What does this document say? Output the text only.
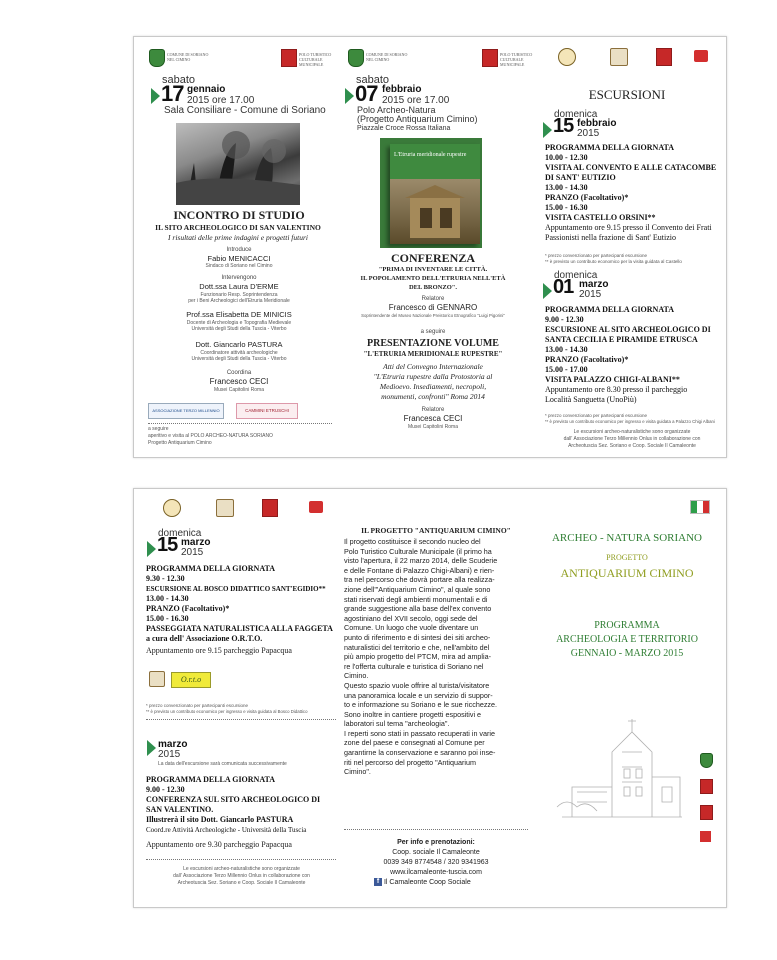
COMUNE DI SORIANO NEL CIMINO
POLO TURISTICO CULTURALE MUNICIPALE
COMUNE DI SORIANO NEL CIMINO
POLO TURISTICO CULTURALE MUNICIPALE
sabato
17 gennaio
2015 ore 17.00
Sala Consiliare - Comune di Soriano
INCONTRO DI STUDIO
IL SITO ARCHEOLOGICO DI SAN VALENTINO
I risultati delle prime indagini e progetti futuri
Introduce
Fabio MENICACCI
Sindaco di Soriano nel Cimino
Intervengono
Dott.ssa Laura D'ERME
Funzionario Resp. Soprintendenza
per i Beni Archeologici dell'Etruria Meridionale
Prof.ssa Elisabetta DE MINICIS
Docente di Archeologia e Topografia Medievale
Università degli Studi della Tuscia - Viterbo
Dott. Giancarlo PASTURA
Coordinatore attività archeologiche
Università degli Studi della Tuscia - Viterbo
Coordina
Francesco CECI
Musei Capitolini Roma
ASSOCIAZIONE TERZO MILLENNIO	CAMMINI ETRUSCHI
a seguire
aperitivo e visita al POLO ARCHEO-NATURA SORIANO
Progetto Antiquarium Cimino
sabato
07 febbraio
2015 ore 17.00
Polo Archeo-Natura
(Progetto Antiquarium Cimino)
Piazzale Croce Rossa Italiana
L'Etruria meridionale rupestre
CONFERENZA
"PRIMA DI INVENTARE LE CITTÀ.
IL POPOLAMENTO DELL'ETRURIA NELL'ETÀ
DEL BRONZO".
Relatore
Francesco di GENNARO
Soprintendente del Museo Nazionale Preistorico Etnografico "Luigi Pigorini"
a seguire
PRESENTAZIONE VOLUME
"L'ETRURIA MERIDIONALE RUPESTRE"
Atti del Convegno Internazionale
"L'Etruria rupestre dalla Protostoria al
Medioevo. Insediamenti, necropoli,
monumenti, confronti" Roma 2014
Relatore
Francesca CECI
Musei Capitolini Roma
ESCURSIONI
domenica
15 febbraio
2015
PROGRAMMA DELLA GIORNATA
10.00 - 12.30
VISITA AL CONVENTO E ALLE CATACOMBE
DI SANT' EUTIZIO
13.00 - 14.30
PRANZO (Facoltativo)*
15.00 - 16.30
VISITA CASTELLO ORSINI**
Appuntamento ore 9.15 presso il Convento dei Frati
Passionisti nella frazione di Sant' Eutizio
* prezzo convenzionato per partecipanti escursione
** è previsto un contributo economico per la visita guidata al Castello
domenica
01 marzo
2015
PROGRAMMA DELLA GIORNATA
9.00 - 12.30
ESCURSIONE AL SITO ARCHEOLOGICO DI
SANTA CECILIA E PIRAMIDE ETRUSCA
13.00 - 14.30
PRANZO (Facoltativo)*
15.00 - 17.00
VISITA PALAZZO CHIGI-ALBANI**
Appuntamento ore 8.30 presso il parcheggio
Località Sanguetta (UnoPiù)
* prezzo convenzionato per partecipanti escursione
** è previsto un contributo economico per ingresso e visita guidata a Palazzo Chigi Albani
Le escursioni archeo-naturalistiche sono organizzate
dall' Associazione Terzo Millennio Onlus in collaborazione con
Archeotuscia Sez. Soriano e Coop. Sociale Il Camaleonte
domenica
15 marzo
2015
PROGRAMMA DELLA GIORNATA
9.30 - 12.30
ESCURSIONE AL BOSCO DIDATTICO SANT'EGIDIO**
13.00 - 14.30
PRANZO (Facoltativo)*
15.00 - 16.30
PASSEGGIATA NATURALISTICA ALLA FAGGETA
a cura dell' Associazione O.R.T.O.
Appuntamento ore 9.15 parcheggio Papacqua
O.r.t.o
* prezzo convenzionato per partecipanti escursione
** è previsto un contributo economico per ingresso e visita guidata al Bosco Didattico
marzo
2015
La data dell'escursione sarà comunicata successivamente
PROGRAMMA DELLA GIORNATA
9.00 - 12.30
CONFERENZA SUL SITO ARCHEOLOGICO DI
SAN VALENTINO.
Illustrerà il sito Dott. Giancarlo PASTURA
Coord.re Attività Archeologiche - Università della Tuscia
Appuntamento ore 9.30 parcheggio Papacqua
Le escursioni archeo-naturalistiche sono organizzate
dall' Associazione Terzo Millennio Onlus in collaborazione con
Archeotuscia Sez. Soriano e Coop. Sociale Il Camaleonte
IL PROGETTO "ANTIQUARIUM CIMINO"
Il progetto costituisce il secondo nucleo del
Polo Turistico Culturale Municipale (il primo ha
visto l'apertura, il 22 marzo 2014, delle Scuderie
e delle Fontane di Palazzo Chigi-Albani) e rien-
tra nel percorso che dovrà portare alla realizza-
zione dell'"Antiquarium Cimino", al quale sono
stati riservati degli ambienti monumentali e di
grande suggestione alla base dell'ex convento
agostiniano del XVII secolo, oggi sede del
Comune. Un luogo che vuole diventare un
punto di riferimento e di sintesi dei siti archeo-
naturalistici del territorio e che, nell'ambito del
più ampio progetto del PTCM, mira ad amplia-
re l'offerta culturale e turistica di Soriano nel
Cimino.
Questo spazio vuole offrire al turista/visitatore
una panoramica locale e un servizio di suppor-
to e informazione su Soriano e le sue ricchezze.
Sono inoltre in cantiere progetti espositivi e
laboratori sul tema "archeologia".
I reperti sono stati in passato recuperati in varie
zone del paese e consegnati al Comune per
garantirne la conservazione e saranno poi inse-
riti nel percorso del progetto "Antiquarium
Cimino".
Per info e prenotazioni:
Coop. sociale Il Camaleonte
0039 349 8774548 / 320 9341963
www.ilcamaleonte-tuscia.com
f Il Camaleonte Coop Sociale
ARCHEO - NATURA SORIANO
PROGETTO
ANTIQUARIUM CIMINO
PROGRAMMA
ARCHEOLOGIA E TERRITORIO
GENNAIO - MARZO 2015
